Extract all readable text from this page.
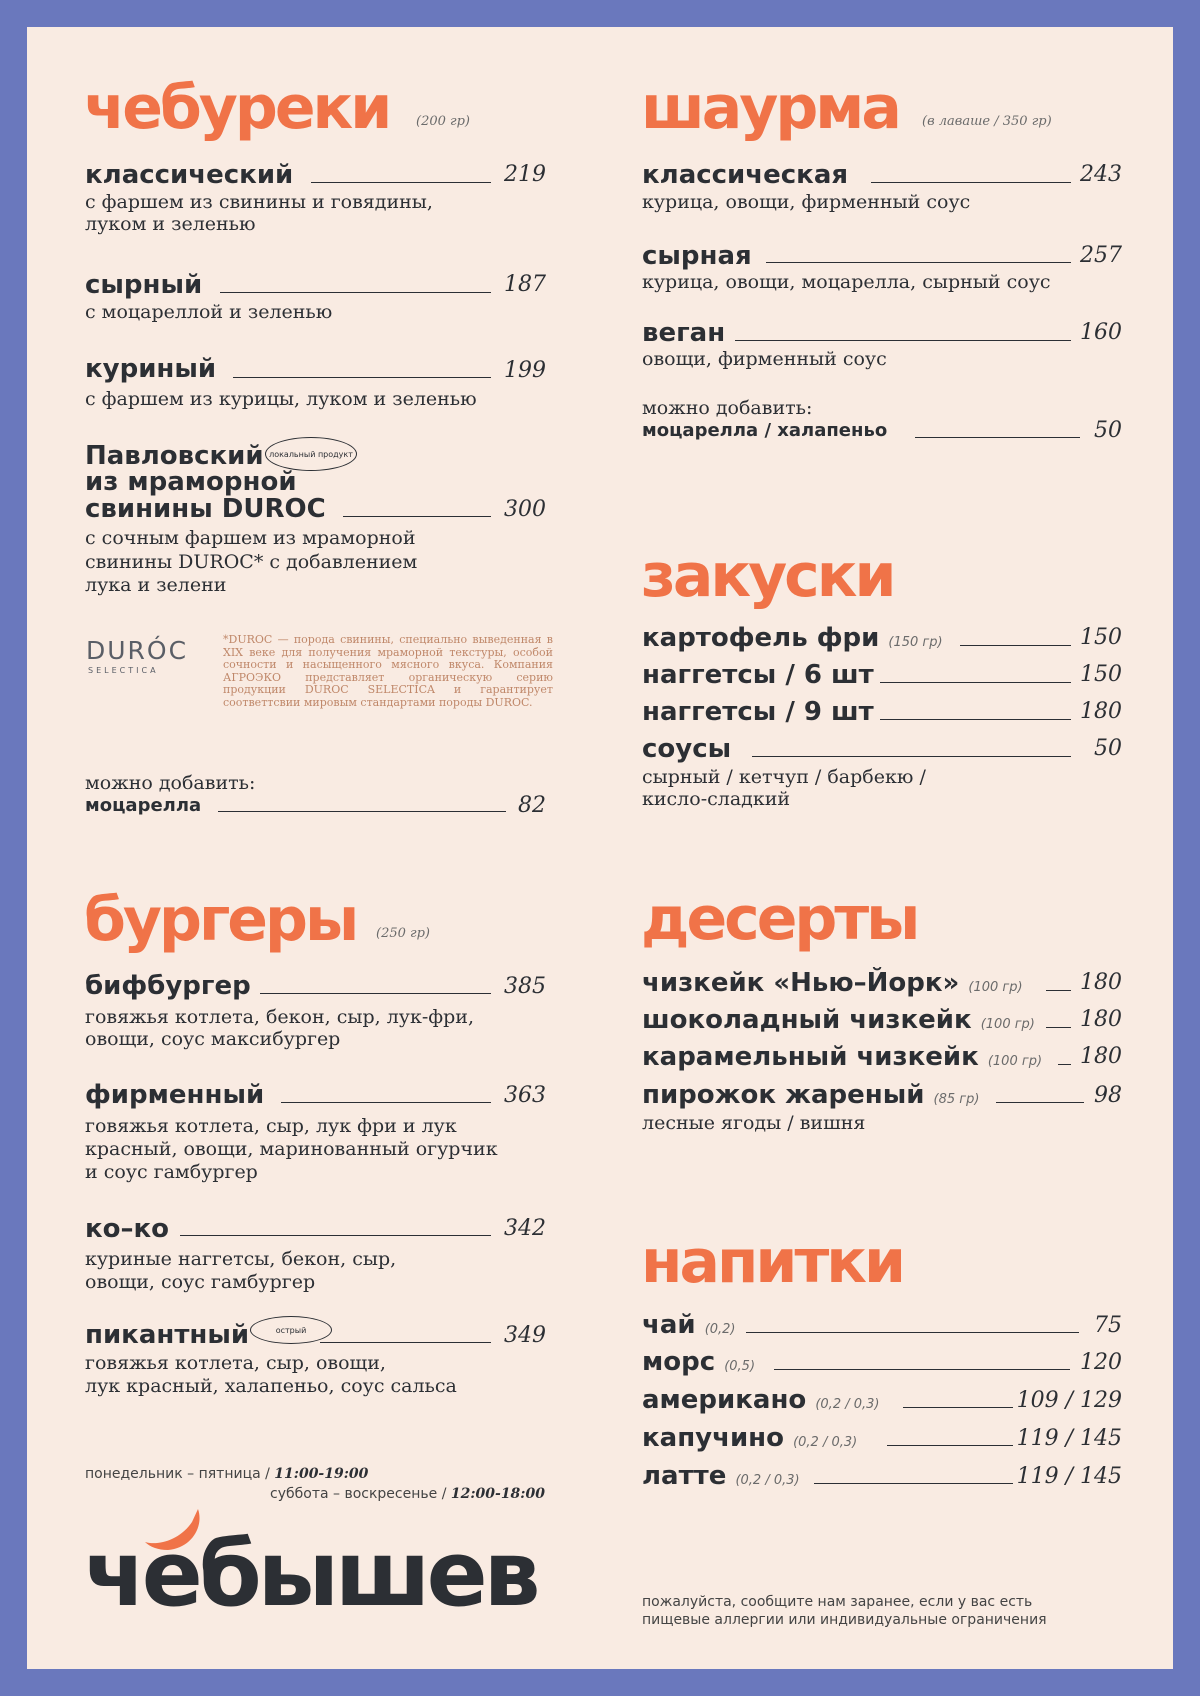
чебуреки (200 гр)
классический	219
с фаршем из свинины и говядины,
луком и зеленью
сырный	187
с моцареллой и зеленью
куриный	199
с фаршем из курицы, луком и зеленью
Павловский локальный продукт
из мраморной
свинины DUROC	300
с сочным фаршем из мраморной
свинины DUROC* с добавлением
лука и зелени
DURÓC
SELECTICA
*DUROC — порода свинины, специально выведенная в XIX веке для получения мраморной текстуры, особой сочности и насыщенного мясного вкуса. Компания АГРОЭКО представляет органическую серию продукции DUROC SELECTICA и гарантирует соответтсвии мировым стандартами породы DUROC.
можно добавить:
моцарелла	82
бургеры (250 гр)
бифбургер	385
говяжья котлета, бекон, сыр, лук-фри,
овощи, соус максибургер
фирменный	363
говяжья котлета, сыр, лук фри и лук
красный, овощи, маринованный огурчик
и соус гамбургер
ко–ко	342
куриные наггетсы, бекон, сыр,
овощи, соус гамбургер
пикантный	острый	349
говяжья котлета, сыр, овощи,
лук красный, халапеньо, соус сальса
понедельник – пятница / 11:00-19:00
суббота – воскресенье / 12:00-18:00
чебышев
шаурма (в лаваше / 350 гр)
классическая	243
курица, овощи, фирменный соус
сырная	257
курица, овощи, моцарелла, сырный соус
веган	160
овощи, фирменный соус
можно добавить:
моцарелла / халапеньо	50
закуски
картофель фри (150 гр)	150
наггетсы / 6 шт	150
наггетсы / 9 шт	180
соусы	50
сырный / кетчуп / барбекю /
кисло-сладкий
десерты
чизкейк «Нью–Йорк» (100 гр)	180
шоколадный чизкейк (100 гр)	180
карамельный чизкейк (100 гр)	180
пирожок жареный (85 гр)	98
лесные ягоды / вишня
напитки
чай (0,2)	75
морс (0,5)	120
американо (0,2 / 0,3)	109 / 129
капучино (0,2 / 0,3)	119 / 145
латте (0,2 / 0,3)	119 / 145
пожалуйста, сообщите нам заранее, если у вас есть
пищевые аллергии или индивидуальные ограничения
